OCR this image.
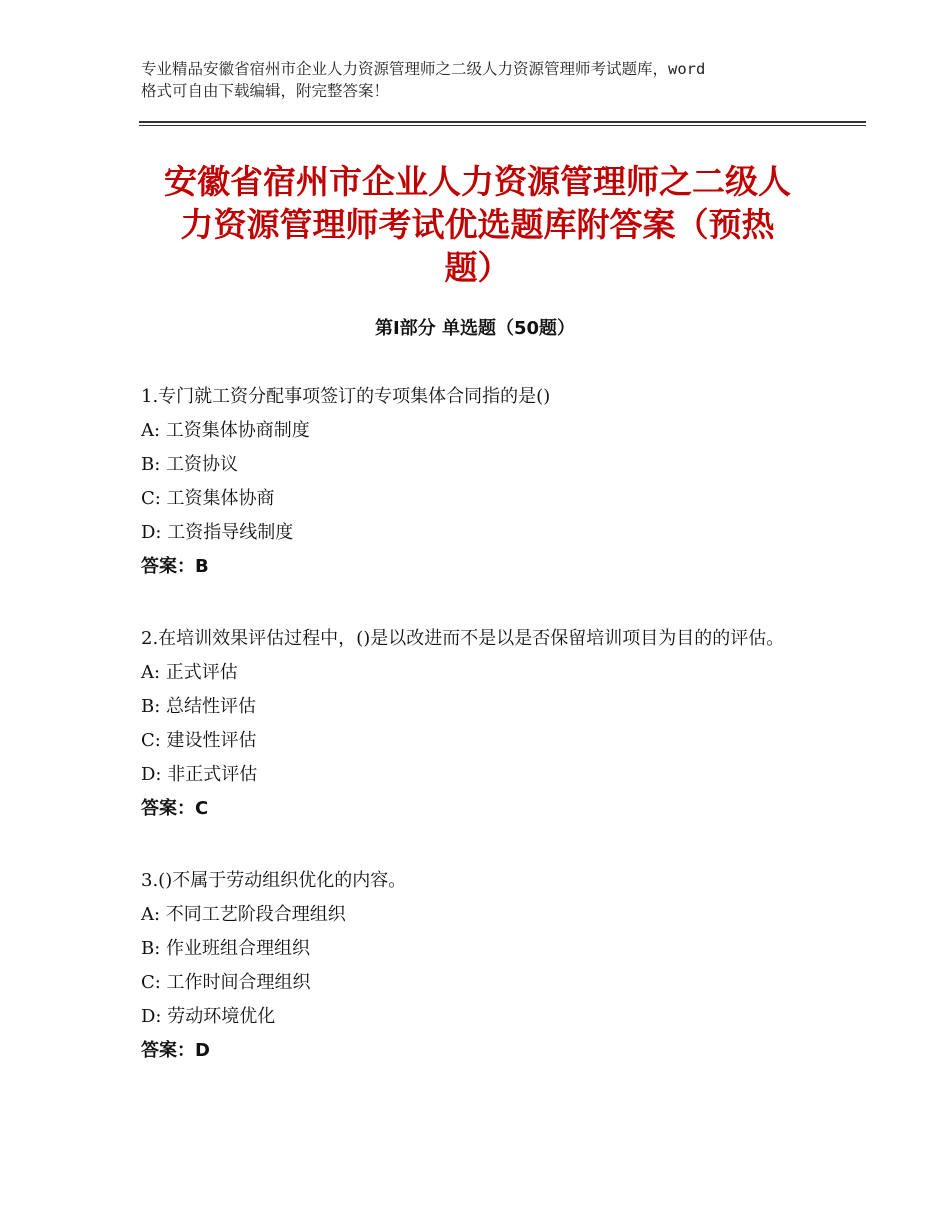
专业精品安徽省宿州市企业人力资源管理师之二级人力资源管理师考试题库，word
格式可自由下载编辑，附完整答案！
安徽省宿州市企业人力资源管理师之二级人
力资源管理师考试优选题库附答案（预热
题）
第Ⅰ部分 单选题（50题）
1.专门就工资分配事项签订的专项集体合同指的是()
A: 工资集体协商制度
B: 工资协议
C: 工资集体协商
D: 工资指导线制度
答案：B
2.在培训效果评估过程中，()是以改进而不是以是否保留培训项目为目的的评估。
A: 正式评估
B: 总结性评估
C: 建设性评估
D: 非正式评估
答案：C
3.()不属于劳动组织优化的内容。
A: 不同工艺阶段合理组织
B: 作业班组合理组织
C: 工作时间合理组织
D: 劳动环境优化
答案：D
